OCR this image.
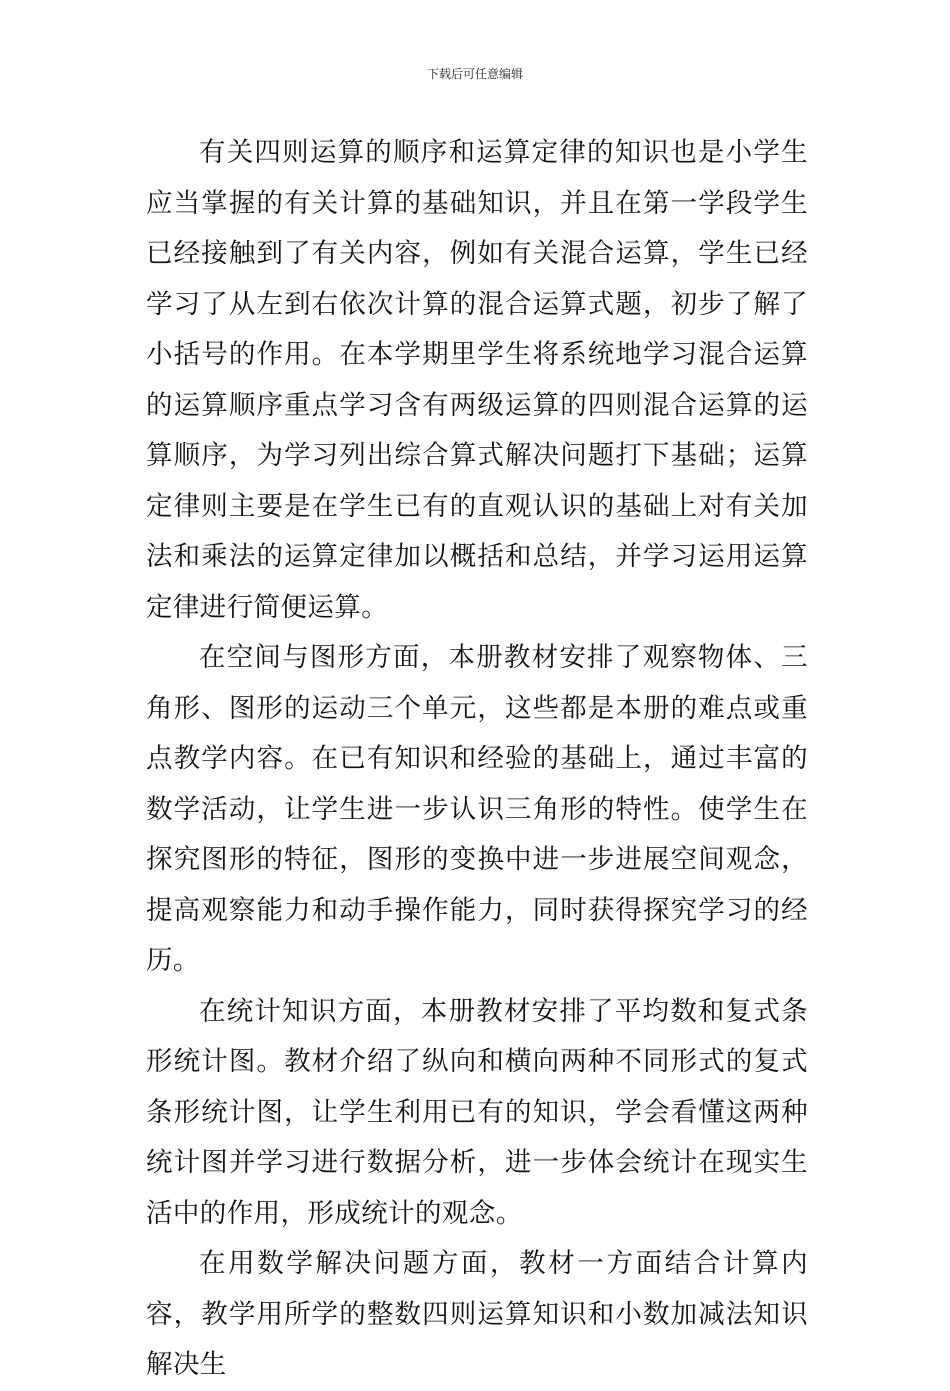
下载后可任意编辑

有关四则运算的顺序和运算定律的知识也是小学生应当掌握的有关计算的基础知识，并且在第一学段学生已经接触到了有关内容，例如有关混合运算，学生已经学习了从左到右依次计算的混合运算式题，初步了解了小括号的作用。在本学期里学生将系统地学习混合运算的运算顺序重点学习含有两级运算的四则混合运算的运算顺序，为学习列出综合算式解决问题打下基础；运算定律则主要是在学生已有的直观认识的基础上对有关加法和乘法的运算定律加以概括和总结，并学习运用运算定律进行简便运算。

在空间与图形方面，本册教材安排了观察物体、三角形、图形的运动三个单元，这些都是本册的难点或重点教学内容。在已有知识和经验的基础上，通过丰富的数学活动，让学生进一步认识三角形的特性。使学生在探究图形的特征，图形的变换中进一步进展空间观念，提高观察能力和动手操作能力，同时获得探究学习的经历。

在统计知识方面，本册教材安排了平均数和复式条形统计图。教材介绍了纵向和横向两种不同形式的复式条形统计图，让学生利用已有的知识，学会看懂这两种统计图并学习进行数据分析，进一步体会统计在现实生活中的作用，形成统计的观念。

在用数学解决问题方面，教材一方面结合计算内容，教学用所学的整数四则运算知识和小数加减法知识解决生
